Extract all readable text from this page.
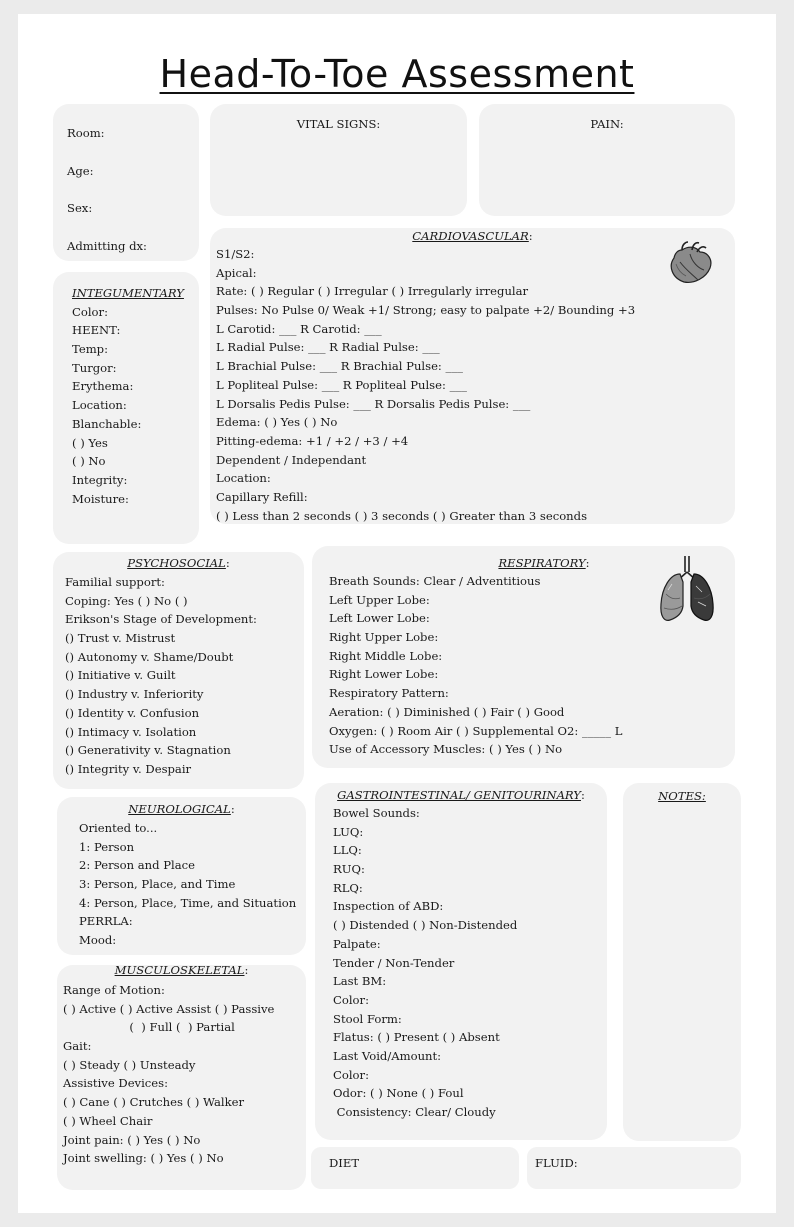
Head-To-Toe Assessment
Room:
Age:
Sex:
Admitting dx:
VITAL SIGNS:	PAIN:
CARDIOVASCULAR:
S1/S2:
Apical:
Rate: ( ) Regular ( ) Irregular ( ) Irregularly irregular
Pulses: No Pulse 0/ Weak +1/ Strong; easy to palpate +2/ Bounding +3
L Carotid: ___ R Carotid: ___
L Radial Pulse: ___ R Radial Pulse: ___
L Brachial Pulse: ___ R Brachial Pulse: ___
L Popliteal Pulse: ___ R Popliteal Pulse: ___
L Dorsalis Pedis Pulse: ___ R Dorsalis Pedis Pulse: ___
Edema: ( ) Yes ( ) No
Pitting-edema: +1 / +2 / +3 / +4
Dependent / Independant
Location:
Capillary Refill:
( ) Less than 2 seconds ( ) 3 seconds ( ) Greater than 3 seconds
INTEGUMENTARY
Color:
HEENT:
Temp:
Turgor:
Erythema:
Location:
Blanchable:
( ) Yes
( ) No
Integrity:
Moisture:
PSYCHOSOCIAL:
Familial support:
Coping: Yes ( ) No ( )
Erikson's Stage of Development:
() Trust v. Mistrust
() Autonomy v. Shame/Doubt
() Initiative v. Guilt
() Industry v. Inferiority
() Identity v. Confusion
() Intimacy v. Isolation
() Generativity v. Stagnation
() Integrity v. Despair
RESPIRATORY:
Breath Sounds: Clear / Adventitious
Left Upper Lobe:
Left Lower Lobe:
Right Upper Lobe:
Right Middle Lobe:
Right Lower Lobe:
Respiratory Pattern:
Aeration: ( ) Diminished ( ) Fair ( ) Good
Oxygen: ( ) Room Air ( ) Supplemental O2: _____ L
Use of Accessory Muscles: ( ) Yes ( ) No
NEUROLOGICAL:
Oriented to...
1: Person
2: Person and Place
3: Person, Place, and Time
4: Person, Place, Time, and Situation
PERRLA:
Mood:
GASTROINTESTINAL/ GENITOURINARY:
Bowel Sounds:
LUQ:
LLQ:
RUQ:
RLQ:
Inspection of ABD:
( ) Distended ( ) Non-Distended
Palpate:
Tender / Non-Tender
Last BM:
Color:
Stool Form:
Flatus: ( ) Present ( ) Absent
Last Void/Amount:
Color:
Odor: ( ) None ( ) Foul
Consistency: Clear/ Cloudy
NOTES:
MUSCULOSKELETAL:
Range of Motion:
( ) Active ( ) Active Assist ( ) Passive
(  ) Full (  ) Partial
Gait:
( ) Steady ( ) Unsteady
Assistive Devices:
( ) Cane ( ) Crutches ( ) Walker
( ) Wheel Chair
Joint pain: ( ) Yes ( ) No
Joint swelling: ( ) Yes ( ) No	DIET	FLUID:
